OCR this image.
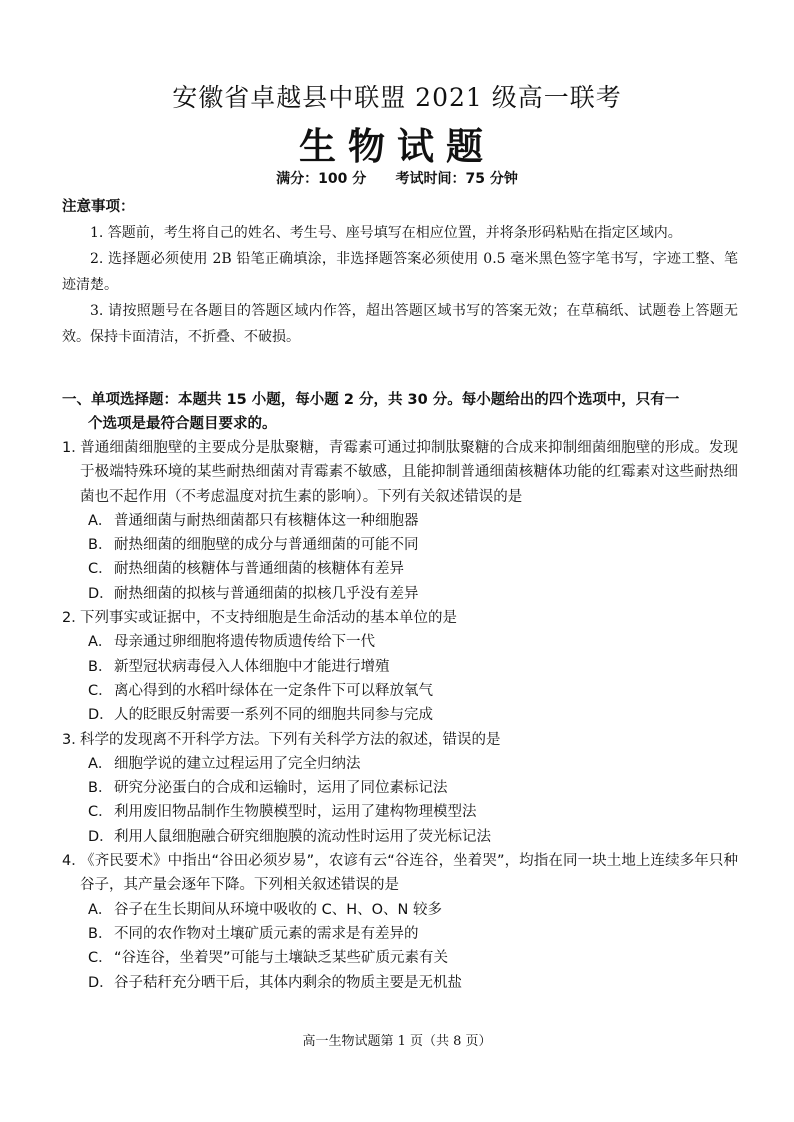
安徽省卓越县中联盟 2021 级高一联考
生物试题
满分：100 分      考试时间：75 分钟
注意事项：
1. 答题前，考生将自己的姓名、考生号、座号填写在相应位置，并将条形码粘贴在指定区域内。
2. 选择题必须使用 2B 铅笔正确填涂，非选择题答案必须使用 0.5 毫米黑色签字笔书写，字迹工整、笔迹清楚。
3. 请按照题号在各题目的答题区域内作答，超出答题区域书写的答案无效；在草稿纸、试题卷上答题无效。保持卡面清洁，不折叠、不破损。
一、单项选择题：本题共 15 小题，每小题 2 分，共 30 分。每小题给出的四个选项中，只有一
个选项是最符合题目要求的。
1．普通细菌细胞壁的主要成分是肽聚糖，青霉素可通过抑制肽聚糖的合成来抑制细菌细胞壁的形成。发现于极端特殊环境的某些耐热细菌对青霉素不敏感，且能抑制普通细菌核糖体功能的红霉素对这些耐热细菌也不起作用（不考虑温度对抗生素的影响）。下列有关叙述错误的是
A． 普通细菌与耐热细菌都只有核糖体这一种细胞器
B． 耐热细菌的细胞壁的成分与普通细菌的可能不同
C．耐热细菌的核糖体与普通细菌的核糖体有差异
D．耐热细菌的拟核与普通细菌的拟核几乎没有差异
2．下列事实或证据中，不支持细胞是生命活动的基本单位的是
A． 母亲通过卵细胞将遗传物质遗传给下一代
B． 新型冠状病毒侵入人体细胞中才能进行增殖
C．离心得到的水稻叶绿体在一定条件下可以释放氧气
D．人的眨眼反射需要一系列不同的细胞共同参与完成
3．科学的发现离不开科学方法。下列有关科学方法的叙述，错误的是
A． 细胞学说的建立过程运用了完全归纳法
B． 研究分泌蛋白的合成和运输时，运用了同位素标记法
C．利用废旧物品制作生物膜模型时，运用了建构物理模型法
D．利用人鼠细胞融合研究细胞膜的流动性时运用了荧光标记法
4．《齐民要术》中指出“谷田必须岁易”，农谚有云“谷连谷，坐着哭”，均指在同一块土地上连续多年只种谷子，其产量会逐年下降。下列相关叙述错误的是
A． 谷子在生长期间从环境中吸收的 C、H、O、N 较多
B． 不同的农作物对土壤矿质元素的需求是有差异的
C．“谷连谷，坐着哭”可能与土壤缺乏某些矿质元素有关
D．谷子秸秆充分晒干后，其体内剩余的物质主要是无机盐
高一生物试题第 1 页（共 8 页）
